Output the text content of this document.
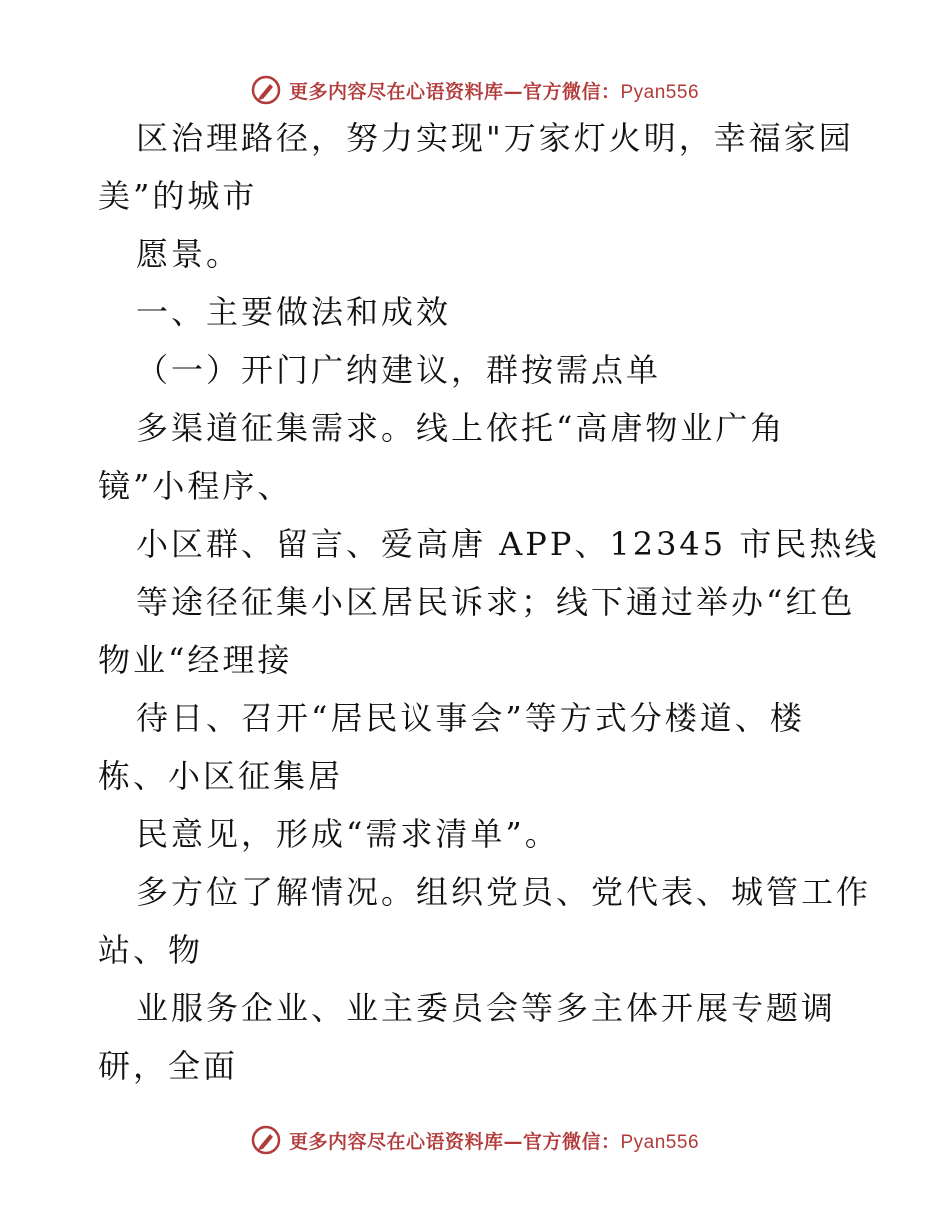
更多内容尽在心语资料库—官方微信：Pyan556
区治理路径，努力实现"万家灯火明，幸福家园
美”的城市
愿景。
一、主要做法和成效
（一）开门广纳建议，群按需点单
多渠道征集需求。线上依托“高唐物业广角
镜”小程序、
小区群、留言、爱高唐 APP、12345 市民热线
等途径征集小区居民诉求；线下通过举办“红色
物业“经理接
待日、召开“居民议事会”等方式分楼道、楼
栋、小区征集居
民意见，形成“需求清单”。
多方位了解情况。组织党员、党代表、城管工作
站、物
业服务企业、业主委员会等多主体开展专题调
研，全面
更多内容尽在心语资料库—官方微信：Pyan556
